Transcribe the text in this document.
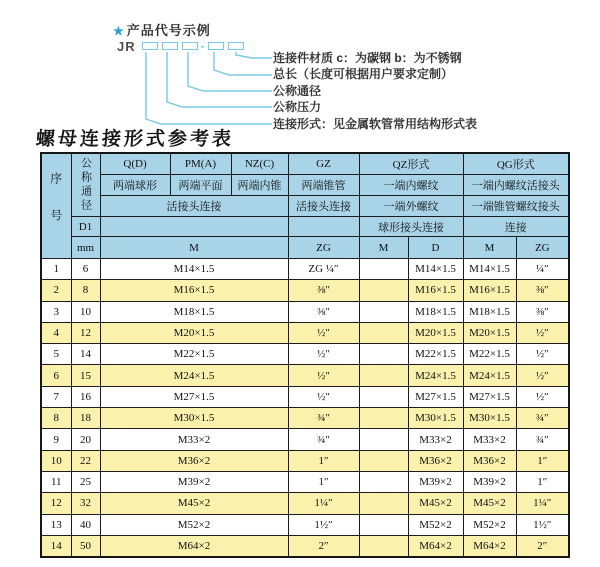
★ 产品代号示例
JR	-
连接件材质 c：为碳钢 b：为不锈钢
总长（长度可根据用户要求定制）
公称通径
公称压力
连接形式：见金属软管常用结构形式表
螺母连接形式参考表
序号	公称通径	Q(D)	PM(A)	NZ(C)	GZ	QZ形式		QG形式	
		两端球形	两端平面	两端内锥	两端锥管	一端内螺纹		一端内螺纹活接头	
		活接头连接			活接头连接	一端外螺纹		一端锥管螺纹接头	
	D1					球形接头连接		连接	
	mm	M			ZG	M	D	M	ZG
1	6	M14×1.5			ZG ¼″		M14×1.5	M14×1.5	¼″
2	8	M16×1.5			⅜″		M16×1.5	M16×1.5	⅜″
3	10	M18×1.5			⅜″		M18×1.5	M18×1.5	⅜″
4	12	M20×1.5			½″		M20×1.5	M20×1.5	½″
5	14	M22×1.5			½″		M22×1.5	M22×1.5	½″
6	15	M24×1.5			½″		M24×1.5	M24×1.5	½″
7	16	M27×1.5			½″		M27×1.5	M27×1.5	½″
8	18	M30×1.5			¾″		M30×1.5	M30×1.5	¾″
9	20	M33×2			¾″		M33×2	M33×2	¾″
10	22	M36×2			1″		M36×2	M36×2	1″
11	25	M39×2			1″		M39×2	M39×2	1″
12	32	M45×2			1¼″		M45×2	M45×2	1¼″
13	40	M52×2			1½″		M52×2	M52×2	1½″
14	50	M64×2			2″		M64×2	M64×2	2″
